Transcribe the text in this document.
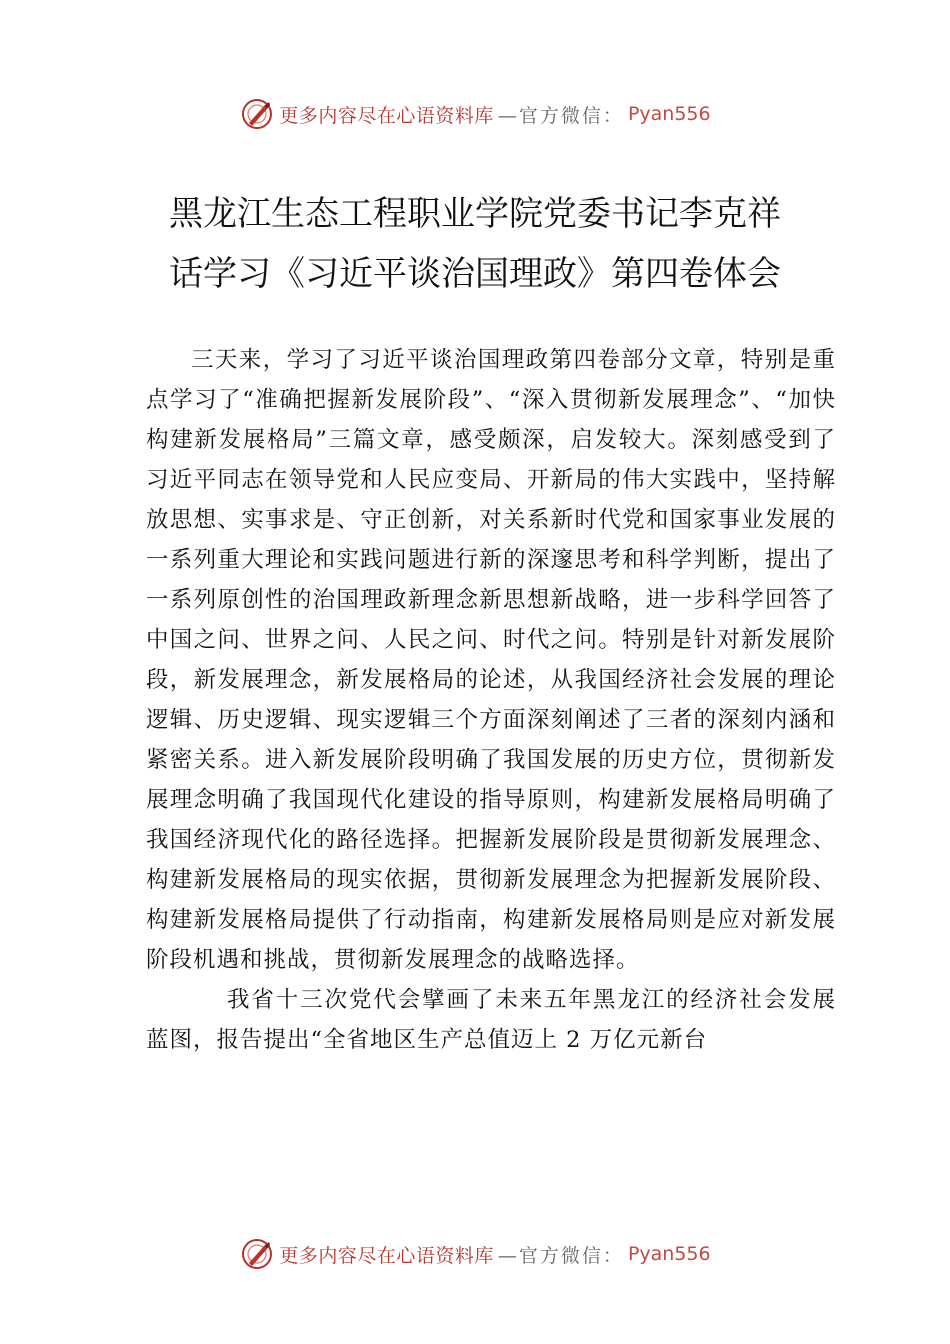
更多内容尽在心语资料库 —官方微信： Pyan556
黑龙江生态工程职业学院党委书记李克祥
话学习《习近平谈治国理政》第四卷体会

三天来，学习了习近平谈治国理政第四卷部分文章，特别是重点学习了“准确把握新发展阶段”、“深入贯彻新发展理念”、“加快构建新发展格局”三篇文章，感受颇深，启发较大。深刻感受到了习近平同志在领导党和人民应变局、开新局的伟大实践中，坚持解放思想、实事求是、守正创新，对关系新时代党和国家事业发展的一系列重大理论和实践问题进行新的深邃思考和科学判断，提出了一系列原创性的治国理政新理念新思想新战略，进一步科学回答了中国之问、世界之问、人民之问、时代之问。特别是针对新发展阶段，新发展理念，新发展格局的论述，从我国经济社会发展的理论逻辑、历史逻辑、现实逻辑三个方面深刻阐述了三者的深刻内涵和紧密关系。进入新发展阶段明确了我国发展的历史方位，贯彻新发展理念明确了我国现代化建设的指导原则，构建新发展格局明确了我国经济现代化的路径选择。把握新发展阶段是贯彻新发展理念、构建新发展格局的现实依据，贯彻新发展理念为把握新发展阶段、构建新发展格局提供了行动指南，构建新发展格局则是应对新发展阶段机遇和挑战，贯彻新发展理念的战略选择。

我省十三次党代会擘画了未来五年黑龙江的经济社会发展蓝图，报告提出“全省地区生产总值迈上 2 万亿元新台

更多内容尽在心语资料库 —官方微信： Pyan556
